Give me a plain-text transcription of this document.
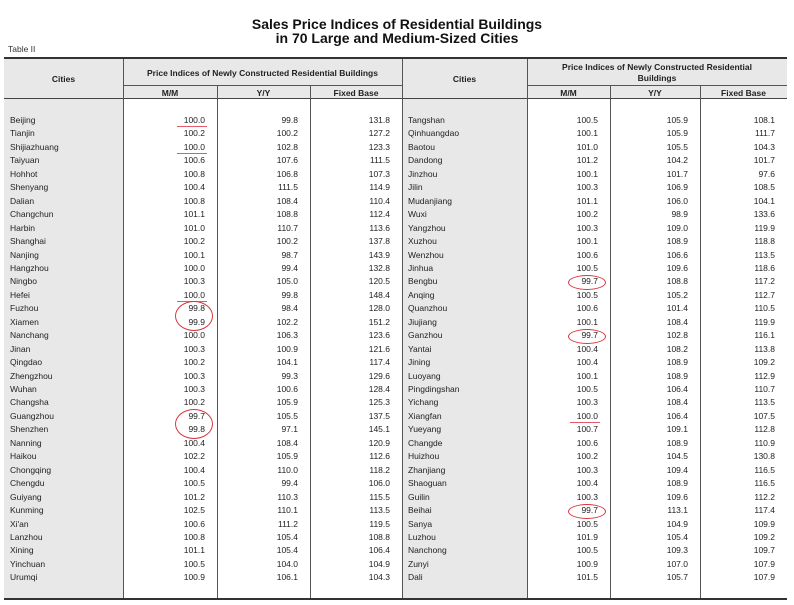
Sales Price Indices of Residential Buildings
in 70 Large and Medium-Sized Cities
Table II
Cities
Price Indices of Newly Constructed Residential Buildings
M/M	Y/Y	Fixed Base
Cities
Price Indices of Newly Constructed Residential
Buildings
M/M	Y/Y	Fixed Base
Beijing	100.0	99.8	131.8
Tianjin	100.2	100.2	127.2
Shijiazhuang	100.0	102.8	123.3
Taiyuan	100.6	107.6	111.5
Hohhot	100.8	106.8	107.3
Shenyang	100.4	111.5	114.9
Dalian	100.8	108.4	110.4
Changchun	101.1	108.8	112.4
Harbin	101.0	110.7	113.6
Shanghai	100.2	100.2	137.8
Nanjing	100.1	98.7	143.9
Hangzhou	100.0	99.4	132.8
Ningbo	100.3	105.0	120.5
Hefei	100.0	99.8	148.4
Fuzhou	99.8	98.4	128.0
Xiamen	99.9	102.2	151.2
Nanchang	100.0	106.3	123.6
Jinan	100.3	100.9	121.6
Qingdao	100.2	104.1	117.4
Zhengzhou	100.3	99.3	129.6
Wuhan	100.3	100.6	128.4
Changsha	100.2	105.9	125.3
Guangzhou	99.7	105.5	137.5
Shenzhen	99.8	97.1	145.1
Nanning	100.4	108.4	120.9
Haikou	102.2	105.9	112.6
Chongqing	100.4	110.0	118.2
Chengdu	100.5	99.4	106.0
Guiyang	101.2	110.3	115.5
Kunming	102.5	110.1	113.5
Xi'an	100.6	111.2	119.5
Lanzhou	100.8	105.4	108.8
Xining	101.1	105.4	106.4
Yinchuan	100.5	104.0	104.9
Urumqi	100.9	106.1	104.3
Tangshan	100.5	105.9	108.1
Qinhuangdao	100.1	105.9	111.7
Baotou	101.0	105.5	104.3
Dandong	101.2	104.2	101.7
Jinzhou	100.1	101.7	97.6
Jilin	100.3	106.9	108.5
Mudanjiang	101.1	106.0	104.1
Wuxi	100.2	98.9	133.6
Yangzhou	100.3	109.0	119.9
Xuzhou	100.1	108.9	118.8
Wenzhou	100.6	106.6	113.5
Jinhua	100.5	109.6	118.6
Bengbu	99.7	108.8	117.2
Anqing	100.5	105.2	112.7
Quanzhou	100.6	101.4	110.5
Jiujiang	100.1	108.4	119.9
Ganzhou	99.7	102.8	116.1
Yantai	100.4	108.2	113.8
Jining	100.4	108.9	109.2
Luoyang	100.1	108.9	112.9
Pingdingshan	100.5	106.4	110.7
Yichang	100.3	108.4	113.5
Xiangfan	100.0	106.4	107.5
Yueyang	100.7	109.1	112.8
Changde	100.6	108.9	110.9
Huizhou	100.2	104.5	130.8
Zhanjiang	100.3	109.4	116.5
Shaoguan	100.4	108.9	116.5
Guilin	100.3	109.6	112.2
Beihai	99.7	113.1	117.4
Sanya	100.5	104.9	109.9
Luzhou	101.9	105.4	109.2
Nanchong	100.5	109.3	109.7
Zunyi	100.9	107.0	107.9
Dali	101.5	105.7	107.9
